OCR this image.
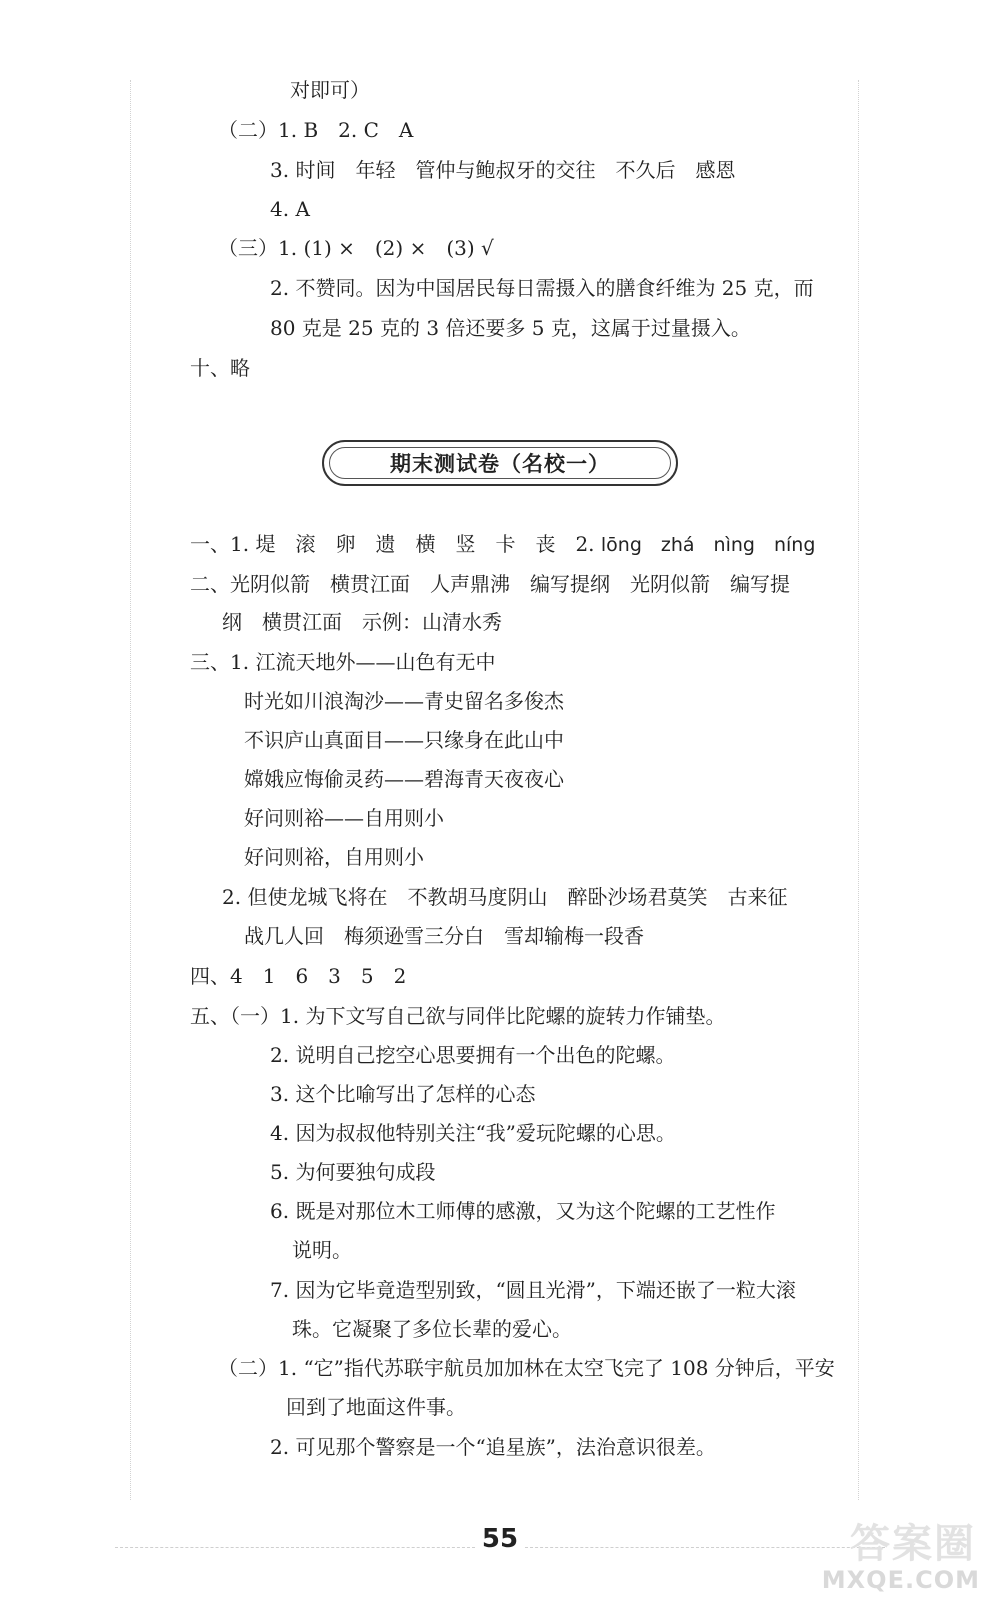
对即可）
（二）1. B　2. C　A
3. 时间　年轻　管仲与鲍叔牙的交往　不久后　感恩
4. A
（三）1. (1) ×　(2) ×　(3) √
2. 不赞同。因为中国居民每日需摄入的膳食纤维为 25 克，而
80 克是 25 克的 3 倍还要多 5 克，这属于过量摄入。
十、略
期末测试卷（名校一）
一、1. 堤　滚　卵　遗　横　竖　卡　丧　2. lōng　zhá　nìng　níng
二、光阴似箭　横贯江面　人声鼎沸　编写提纲　光阴似箭　编写提
纲　横贯江面　示例：山清水秀
三、1. 江流天地外——山色有无中
时光如川浪淘沙——青史留名多俊杰
不识庐山真面目——只缘身在此山中
嫦娥应悔偷灵药——碧海青天夜夜心
好问则裕——自用则小
好问则裕，自用则小
2. 但使龙城飞将在　不教胡马度阴山　醉卧沙场君莫笑　古来征
战几人回　梅须逊雪三分白　雪却输梅一段香
四、4　1　6　3　5　2
五、（一）1. 为下文写自己欲与同伴比陀螺的旋转力作铺垫。
2. 说明自己挖空心思要拥有一个出色的陀螺。
3. 这个比喻写出了怎样的心态
4. 因为叔叔他特别关注“我”爱玩陀螺的心思。
5. 为何要独句成段
6. 既是对那位木工师傅的感激，又为这个陀螺的工艺性作
说明。
7. 因为它毕竟造型别致，“圆且光滑”，下端还嵌了一粒大滚
珠。它凝聚了多位长辈的爱心。
（二）1. “它”指代苏联宇航员加加林在太空飞完了 108 分钟后，平安
回到了地面这件事。
2. 可见那个警察是一个“追星族”，法治意识很差。
55	答案圈
MXQE.COM
